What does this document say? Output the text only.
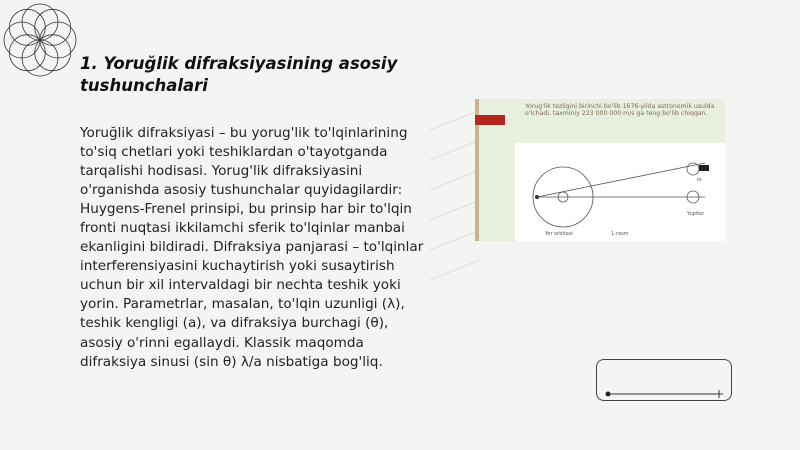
1. Yoruğlik difraksiyasining asosiy tushunchalari

Yoruğlik difraksiyasi – bu yorug'lik to'lqinlarining to'siq chetlari yoki teshiklardan o'tayotganda tarqalishi hodisasi. Yorug'lik difraksiyasini o'rganishda asosiy tushunchalar quyidagilardir: Huygens-Frenel prinsipi, bu prinsip har bir to'lqin fronti nuqtasi ikkilamchi sferik to'lqinlar manbai ekanligini bildiradi. Difraksiya panjarasi – to'lqinlar interferensiyasini kuchaytirish yoki susaytirish uchun bir xil intervaldagi bir nechta teshik yoki yorin. Parametrlar, masalan, to'lqin uzunligi (λ), teshik kengligi (a), va difraksiya burchagi (θ), asosiy o'rinni egallaydi. Klassik maqomda difraksiya sinusi (sin θ) λ/a nisbatiga bog'liq.

Yorug'lik tezligini birinchi bo'lib 1676-yilda astronomik usulda o'lchadi, taxminiy 223 000 000 m/s ga teng bo'lib chiqqan.
Yer orbitasi
Yupiter
Io
1-rasm
